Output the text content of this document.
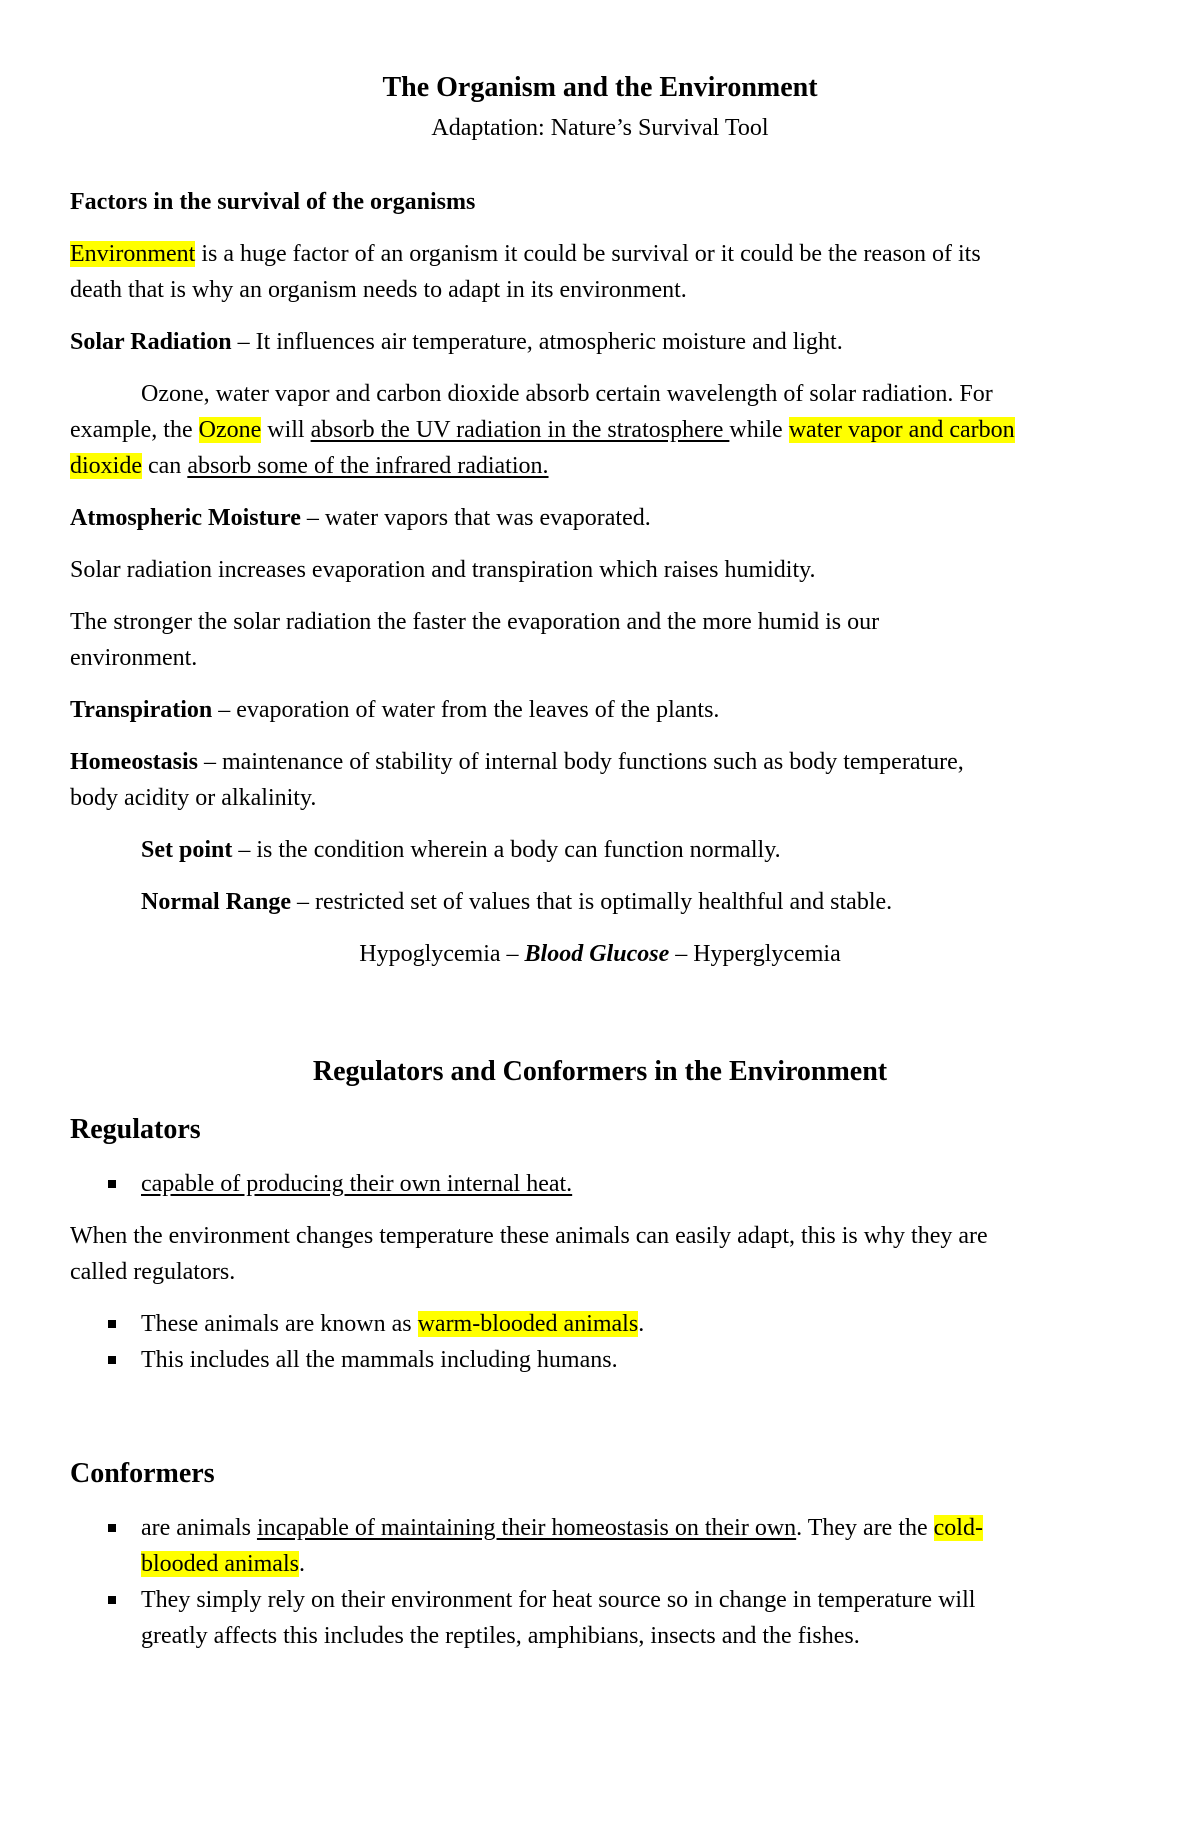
The Organism and the Environment
Adaptation: Nature’s Survival Tool
Factors in the survival of the organisms
Environment is a huge factor of an organism it could be survival or it could be the reason of its
death that is why an organism needs to adapt in its environment.
Solar Radiation – It influences air temperature, atmospheric moisture and light.
Ozone, water vapor and carbon dioxide absorb certain wavelength of solar radiation. For
example, the Ozone will absorb the UV radiation in the stratosphere while water vapor and carbon
dioxide can absorb some of the infrared radiation.
Atmospheric Moisture – water vapors that was evaporated.
Solar radiation increases evaporation and transpiration which raises humidity.
The stronger the solar radiation the faster the evaporation and the more humid is our
environment.
Transpiration – evaporation of water from the leaves of the plants.
Homeostasis – maintenance of stability of internal body functions such as body temperature,
body acidity or alkalinity.
Set point – is the condition wherein a body can function normally.
Normal Range – restricted set of values that is optimally healthful and stable.
Hypoglycemia – Blood Glucose – Hyperglycemia
Regulators and Conformers in the Environment
Regulators
capable of producing their own internal heat.
When the environment changes temperature these animals can easily adapt, this is why they are
called regulators.
These animals are known as warm-blooded animals.
This includes all the mammals including humans.
Conformers
are animals incapable of maintaining their homeostasis on their own. They are the cold-
blooded animals.
They simply rely on their environment for heat source so in change in temperature will
greatly affects this includes the reptiles, amphibians, insects and the fishes.
